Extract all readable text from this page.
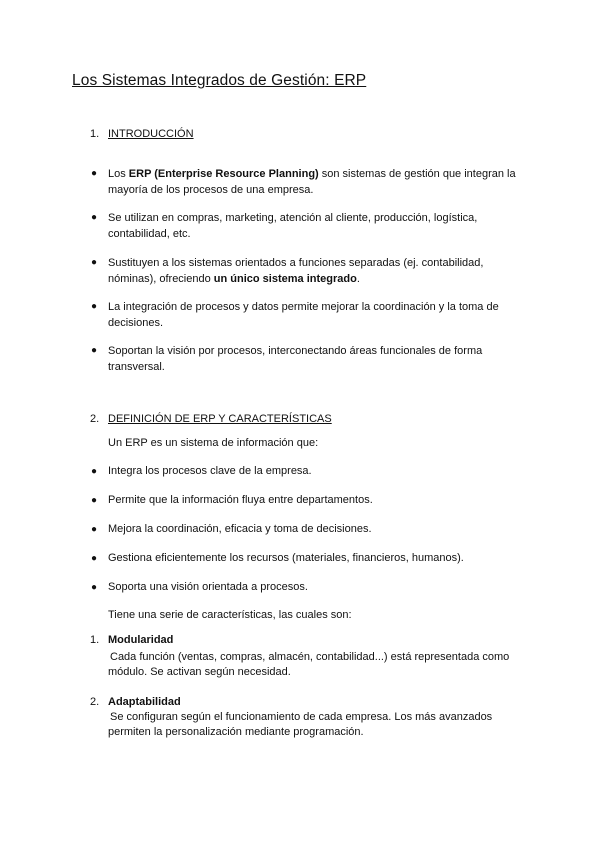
Los Sistemas Integrados de Gestión: ERP
1. INTRODUCCIÓN
● Los ERP (Enterprise Resource Planning) son sistemas de gestión que integran la mayoría de los procesos de una empresa.
● Se utilizan en compras, marketing, atención al cliente, producción, logística, contabilidad, etc.
● Sustituyen a los sistemas orientados a funciones separadas (ej. contabilidad, nóminas), ofreciendo un único sistema integrado.
● La integración de procesos y datos permite mejorar la coordinación y la toma de decisiones.
● Soportan la visión por procesos, interconectando áreas funcionales de forma transversal.
2. DEFINICIÓN DE ERP Y CARACTERÍSTICAS
Un ERP es un sistema de información que:
● Integra los procesos clave de la empresa.
● Permite que la información fluya entre departamentos.
● Mejora la coordinación, eficacia y toma de decisiones.
● Gestiona eficientemente los recursos (materiales, financieros, humanos).
● Soporta una visión orientada a procesos.
Tiene una serie de características, las cuales son:
1. Modularidad
Cada función (ventas, compras, almacén, contabilidad...) está representada como
módulo. Se activan según necesidad.
2. Adaptabilidad
Se configuran según el funcionamiento de cada empresa. Los más avanzados
permiten la personalización mediante programación.
